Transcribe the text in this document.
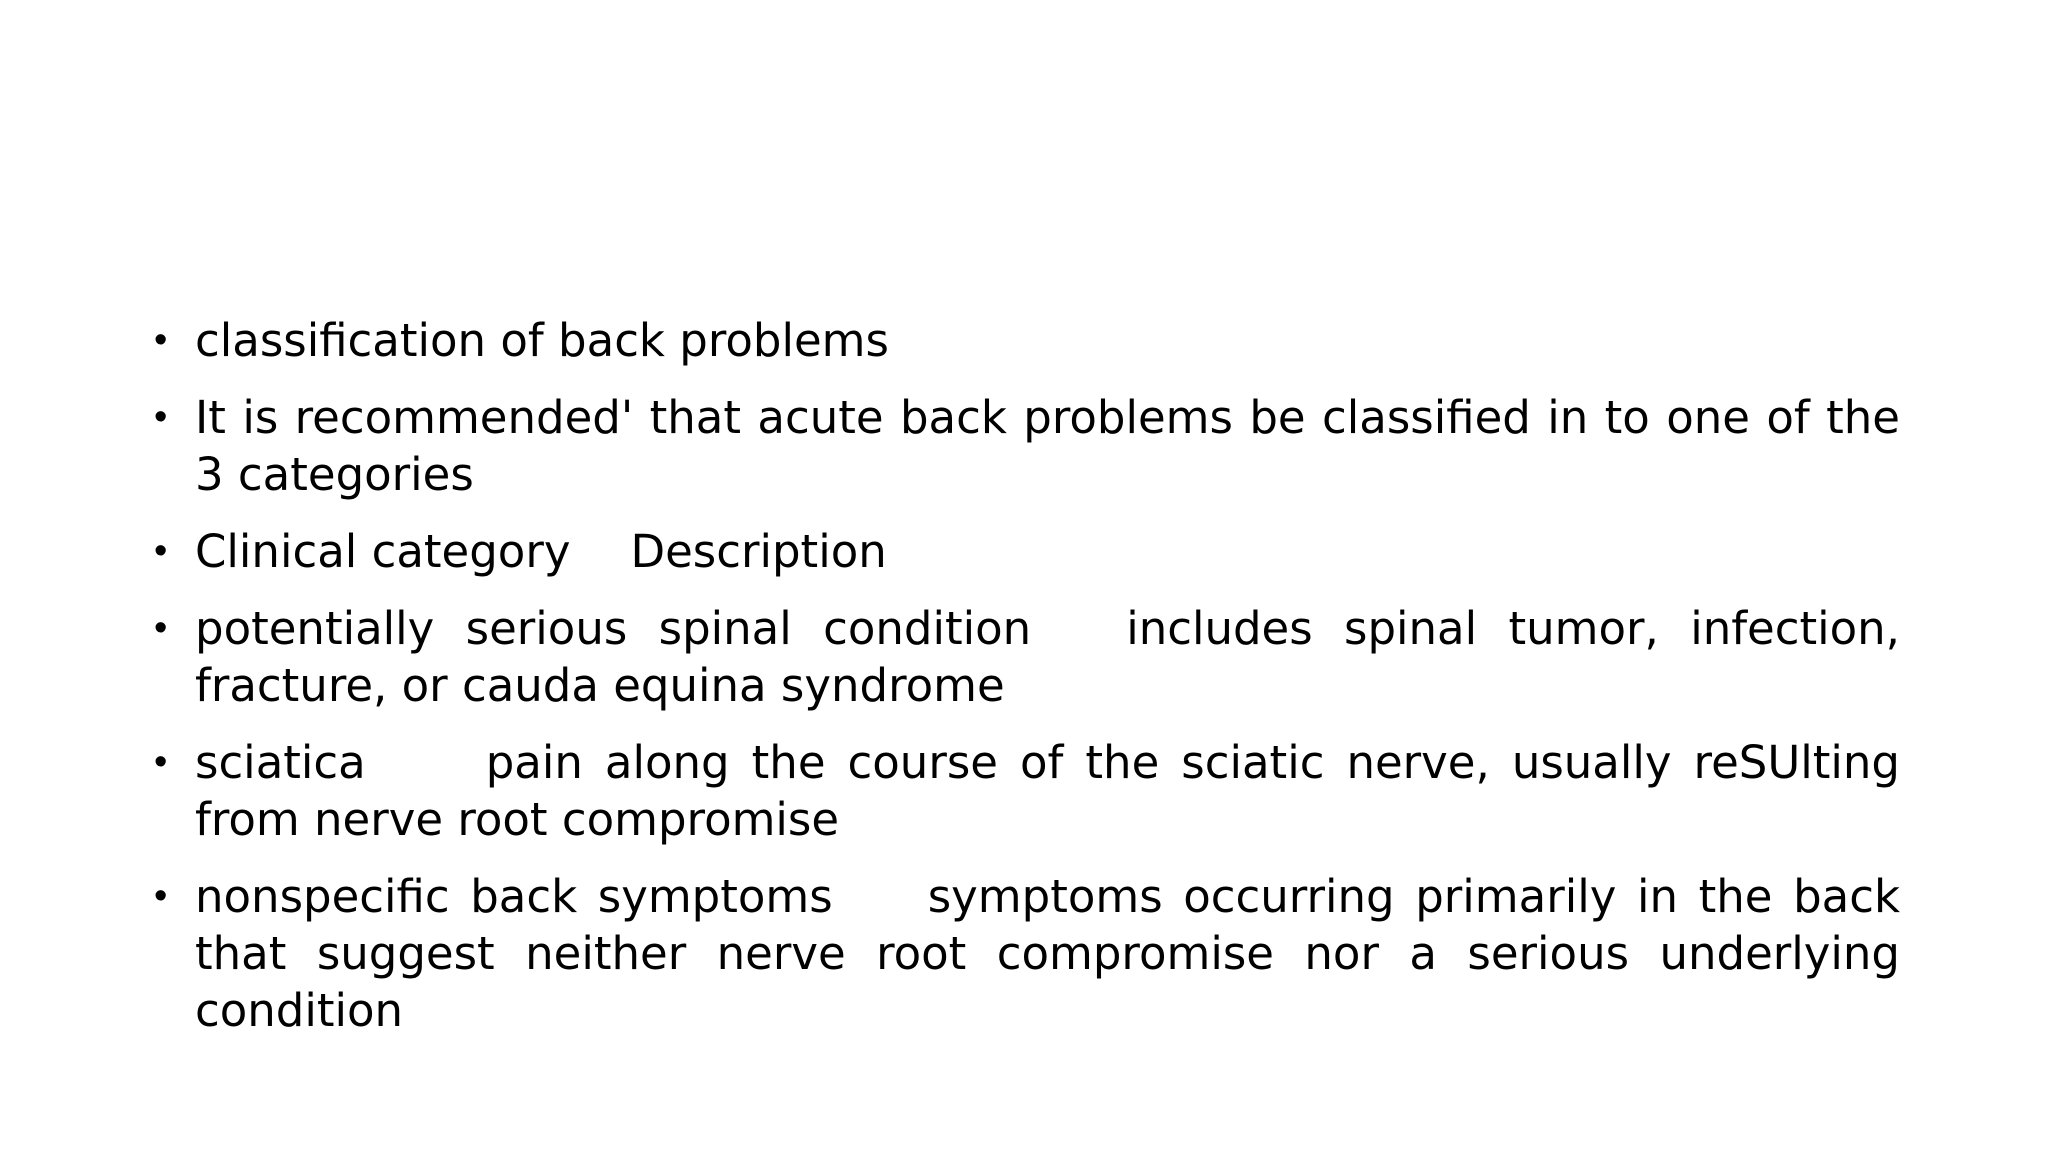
• classification of back problems
• It is recommended' that acute back problems be classified in to one of the 3 categories
• Clinical category Description
• potentially serious spinal condition includes spinal tumor, infection, fracture, or cauda equina syndrome
• sciatica	pain along the course of the sciatic nerve, usually reSUlting from nerve root compromise
• nonspecific back symptoms symptoms occurring primarily in the back that suggest neither nerve root compromise nor a serious underlying condition
